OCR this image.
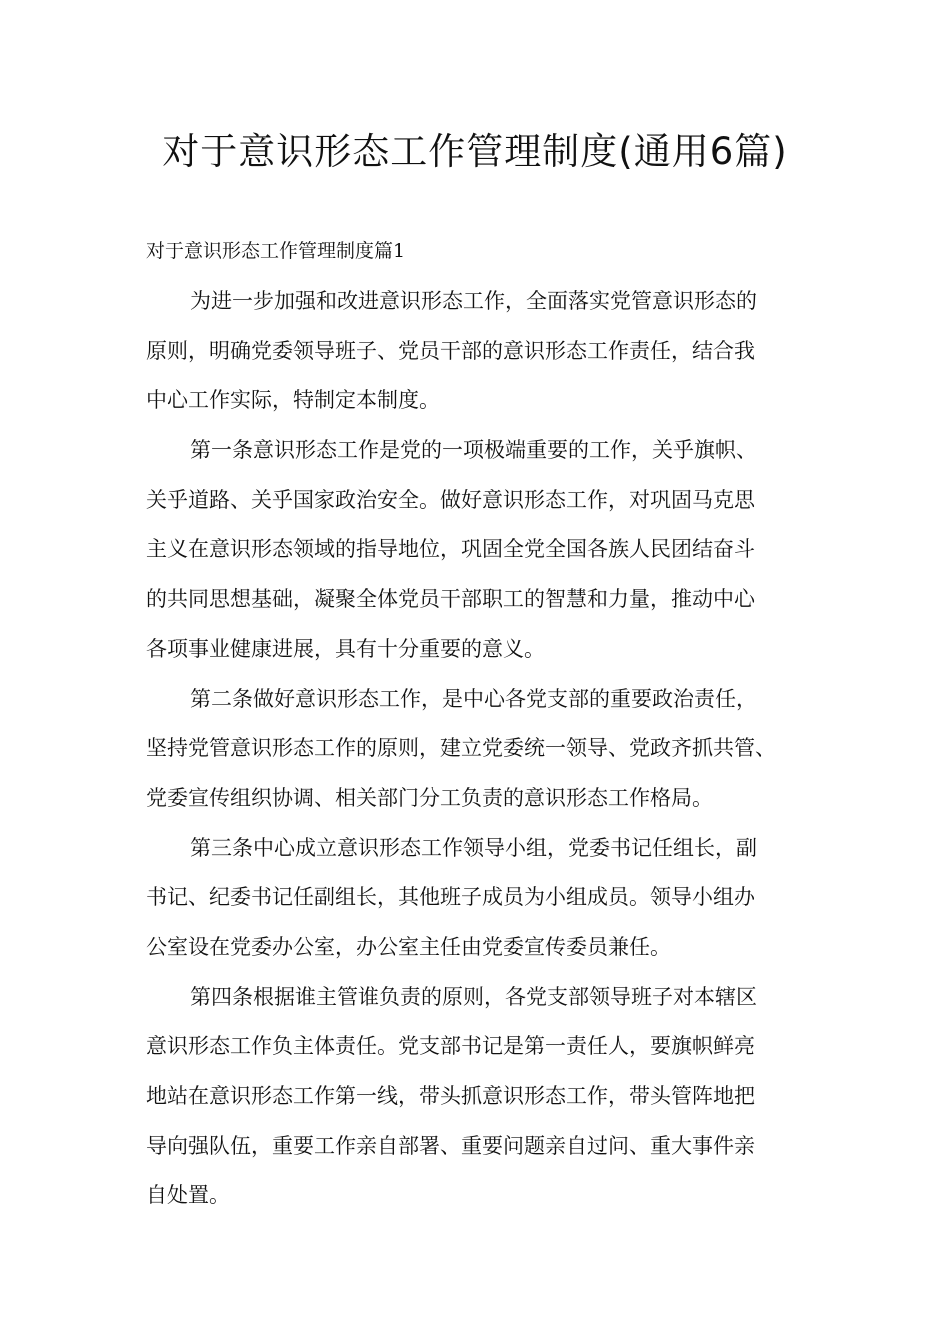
对于意识形态工作管理制度(通用6篇)
对于意识形态工作管理制度篇1

为进一步加强和改进意识形态工作，全面落实党管意识形态的
原则，明确党委领导班子、党员干部的意识形态工作责任，结合我
中心工作实际，特制定本制度。

第一条意识形态工作是党的一项极端重要的工作，关乎旗帜、
关乎道路、关乎国家政治安全。做好意识形态工作，对巩固马克思
主义在意识形态领域的指导地位，巩固全党全国各族人民团结奋斗
的共同思想基础，凝聚全体党员干部职工的智慧和力量，推动中心
各项事业健康进展，具有十分重要的意义。

第二条做好意识形态工作，是中心各党支部的重要政治责任，
坚持党管意识形态工作的原则，建立党委统一领导、党政齐抓共管、
党委宣传组织协调、相关部门分工负责的意识形态工作格局。

第三条中心成立意识形态工作领导小组，党委书记任组长，副
书记、纪委书记任副组长，其他班子成员为小组成员。领导小组办
公室设在党委办公室，办公室主任由党委宣传委员兼任。

第四条根据谁主管谁负责的原则，各党支部领导班子对本辖区
意识形态工作负主体责任。党支部书记是第一责任人，要旗帜鲜亮
地站在意识形态工作第一线，带头抓意识形态工作，带头管阵地把
导向强队伍，重要工作亲自部署、重要问题亲自过问、重大事件亲
自处置。
